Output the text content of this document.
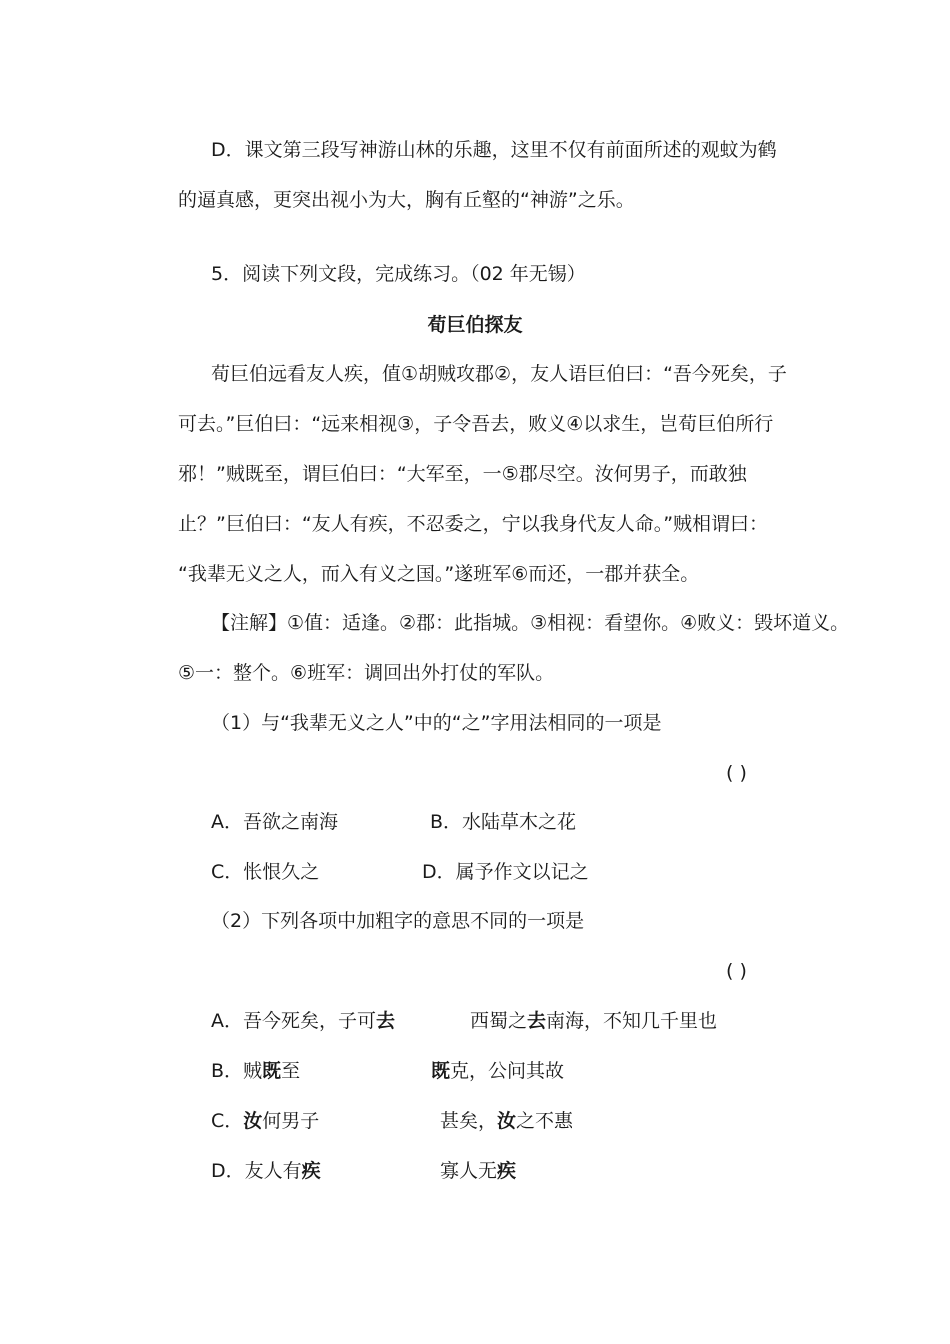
D．课文第三段写神游山林的乐趣，这里不仅有前面所述的观蚊为鹤
的逼真感，更突出视小为大，胸有丘壑的“神游”之乐。
5．阅读下列文段，完成练习。（02 年无锡）
荀巨伯探友
荀巨伯远看友人疾，值①胡贼攻郡②，友人语巨伯曰：“吾今死矣，子
可去。”巨伯曰：“远来相视③，子令吾去，败义④以求生，岂荀巨伯所行
邪！”贼既至，谓巨伯曰：“大军至，一⑤郡尽空。汝何男子，而敢独
止？”巨伯曰：“友人有疾，不忍委之，宁以我身代友人命。”贼相谓曰：
“我辈无义之人，而入有义之国。”遂班军⑥而还，一郡并获全。
【注解】①值：适逢。②郡：此指城。③相视：看望你。④败义：毁坏道义。
⑤一：整个。⑥班军：调回出外打仗的军队。
（1）与“我辈无义之人”中的“之”字用法相同的一项是
( )
A．吾欲之南海	B．水陆草木之花
C．怅恨久之	D．属予作文以记之
（2）下列各项中加粗字的意思不同的一项是
( )
A．吾今死矣，子可去	西蜀之去南海，不知几千里也
B．贼既至	既克，公问其故
C．汝何男子	甚矣，汝之不惠
D．友人有疾	寡人无疾
